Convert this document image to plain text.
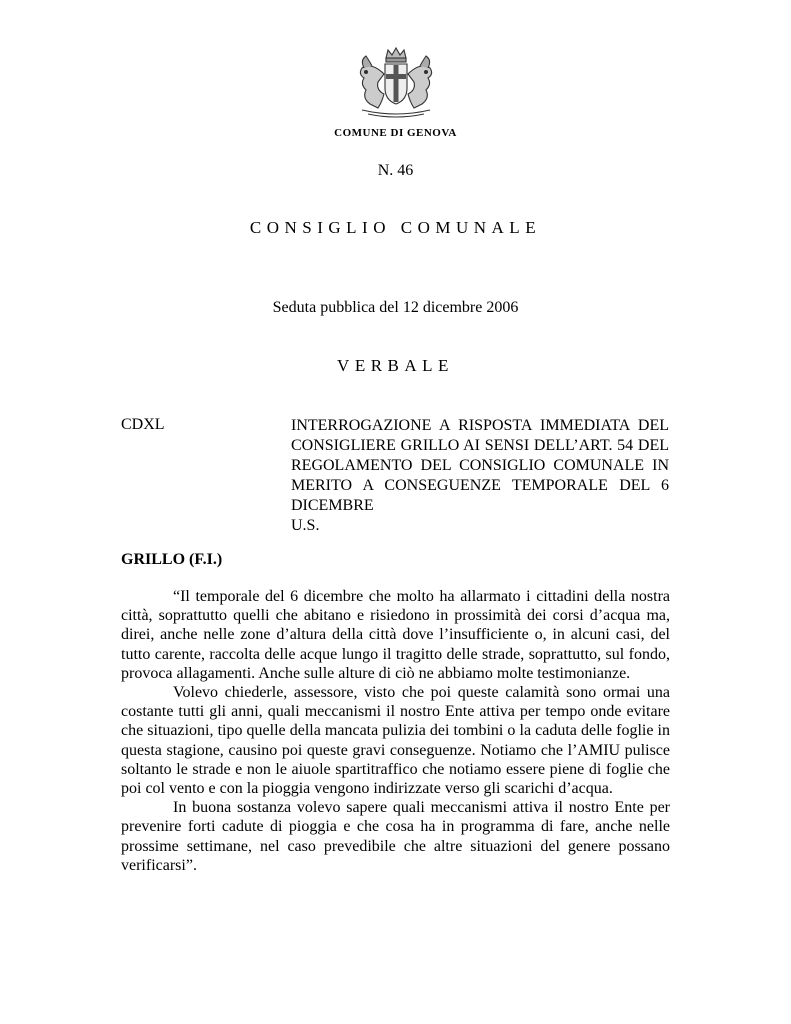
COMUNE DI GENOVA
N. 46
CONSIGLIO COMUNALE
Seduta pubblica del 12 dicembre 2006
VERBALE
CDXL	INTERROGAZIONE A RISPOSTA IMMEDIATA DEL CONSIGLIERE GRILLO AI SENSI DELL’ART. 54 DEL REGOLAMENTO DEL CONSIGLIO COMUNALE IN MERITO A CONSEGUENZE TEMPORALE DEL 6 DICEMBRE
U.S.
GRILLO (F.I.)

“Il temporale del 6 dicembre che molto ha allarmato i cittadini della nostra città, soprattutto quelli che abitano e risiedono in prossimità dei corsi d’acqua ma, direi, anche nelle zone d’altura della città dove l’insufficiente o, in alcuni casi, del tutto carente, raccolta delle acque lungo il tragitto delle strade, soprattutto, sul fondo, provoca allagamenti. Anche sulle alture di ciò ne abbiamo molte testimonianze.

Volevo chiederle, assessore, visto che poi queste calamità sono ormai una costante tutti gli anni, quali meccanismi il nostro Ente attiva per tempo onde evitare che situazioni, tipo quelle della mancata pulizia dei tombini o la caduta delle foglie in questa stagione, causino poi queste gravi conseguenze. Notiamo che l’AMIU pulisce soltanto le strade e non le aiuole spartitraffico che notiamo essere piene di foglie che poi col vento e con la pioggia vengono indirizzate verso gli scarichi d’acqua.

In buona sostanza volevo sapere quali meccanismi attiva il nostro Ente per prevenire forti cadute di pioggia e che cosa ha in programma di fare, anche nelle prossime settimane, nel caso prevedibile che altre situazioni del genere possano verificarsi”.
